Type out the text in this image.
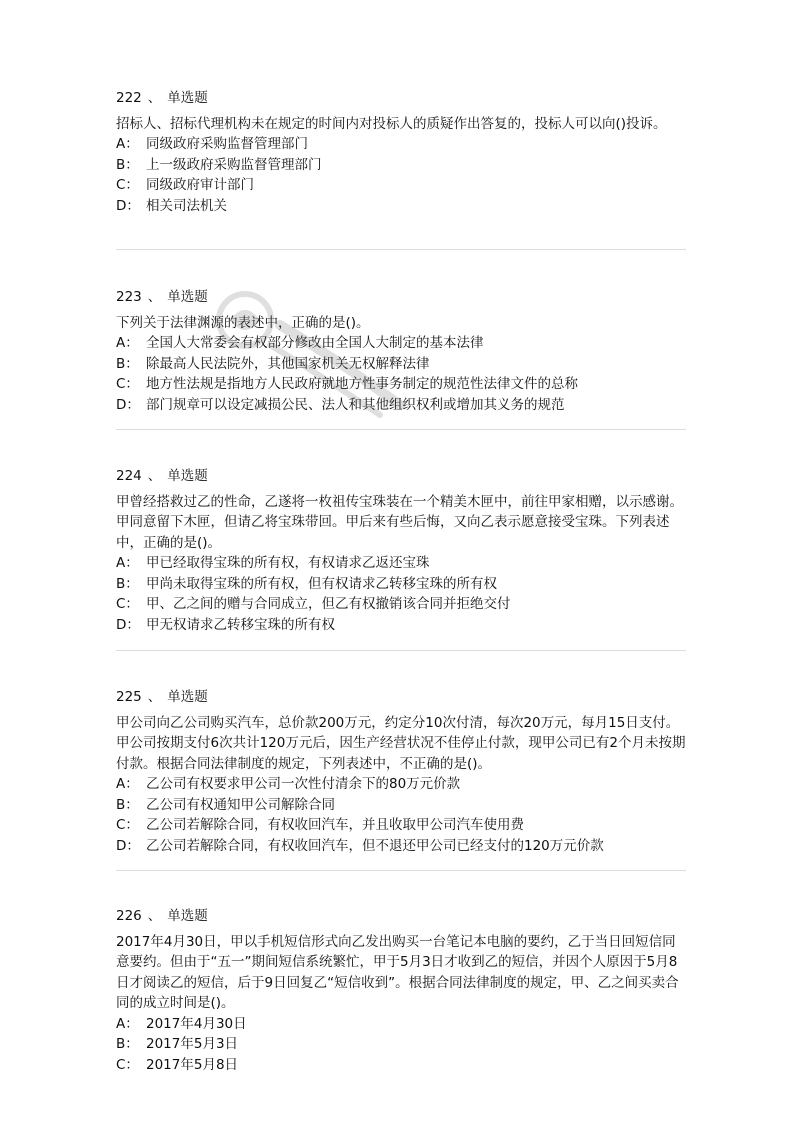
222 、 单选题

招标人、招标代理机构未在规定的时间内对投标人的质疑作出答复的，投标人可以向()投诉。

A： 同级政府采购监督管理部门
B： 上一级政府采购监督管理部门
C： 同级政府审计部门
D： 相关司法机关
223 、 单选题

下列关于法律渊源的表述中，正确的是()。

A： 全国人大常委会有权部分修改由全国人大制定的基本法律
B： 除最高人民法院外，其他国家机关无权解释法律
C： 地方性法规是指地方人民政府就地方性事务制定的规范性法律文件的总称
D： 部门规章可以设定减损公民、法人和其他组织权利或增加其义务的规范
224 、 单选题

甲曾经搭救过乙的性命，乙遂将一枚祖传宝珠装在一个精美木匣中，前往甲家相赠，以示感谢。甲同意留下木匣，但请乙将宝珠带回。甲后来有些后悔，又向乙表示愿意接受宝珠。下列表述中，正确的是()。

A： 甲已经取得宝珠的所有权，有权请求乙返还宝珠
B： 甲尚未取得宝珠的所有权，但有权请求乙转移宝珠的所有权
C： 甲、乙之间的赠与合同成立，但乙有权撤销该合同并拒绝交付
D： 甲无权请求乙转移宝珠的所有权
225 、 单选题

甲公司向乙公司购买汽车，总价款200万元，约定分10次付清，每次20万元，每月15日支付。甲公司按期支付6次共计120万元后，因生产经营状况不佳停止付款，现甲公司已有2个月未按期付款。根据合同法律制度的规定，下列表述中，不正确的是()。

A： 乙公司有权要求甲公司一次性付清余下的80万元价款
B： 乙公司有权通知甲公司解除合同
C： 乙公司若解除合同，有权收回汽车，并且收取甲公司汽车使用费
D： 乙公司若解除合同，有权收回汽车，但不退还甲公司已经支付的120万元价款
226 、 单选题

2017年4月30日，甲以手机短信形式向乙发出购买一台笔记本电脑的要约，乙于当日回短信同意要约。但由于“五一”期间短信系统繁忙，甲于5月3日才收到乙的短信，并因个人原因于5月8日才阅读乙的短信，后于9日回复乙“短信收到”。根据合同法律制度的规定，甲、乙之间买卖合同的成立时间是()。

A： 2017年4月30日
B： 2017年5月3日
C： 2017年5月8日
